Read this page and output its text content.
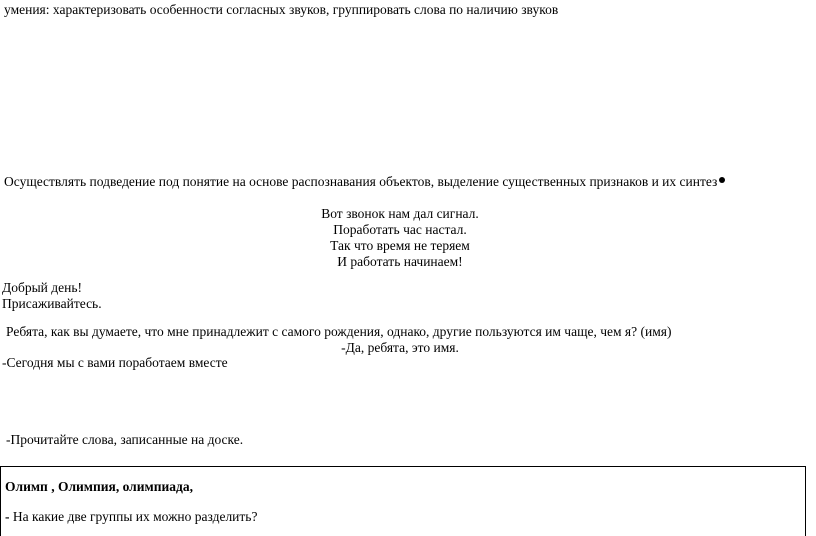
умения: характеризовать особенности согласных звуков, группировать слова по наличию звуков
Осуществлять подведение под понятие на основе распознавания объектов, выделение существенных признаков и их синтез
Вот звонок нам дал сигнал.
Поработать час настал.
Так что время не теряем
И работать начинаем!
Добрый день!
Присаживайтесь.
Ребята, как вы думаете, что мне принадлежит с самого рождения, однако, другие пользуются им чаще, чем я? (имя)
-Да, ребята, это имя.
-Сегодня мы с вами поработаем вместе
-Прочитайте слова, записанные на доске.
Олимп , Олимпия, олимпиада,
- На какие две группы их можно разделить?
